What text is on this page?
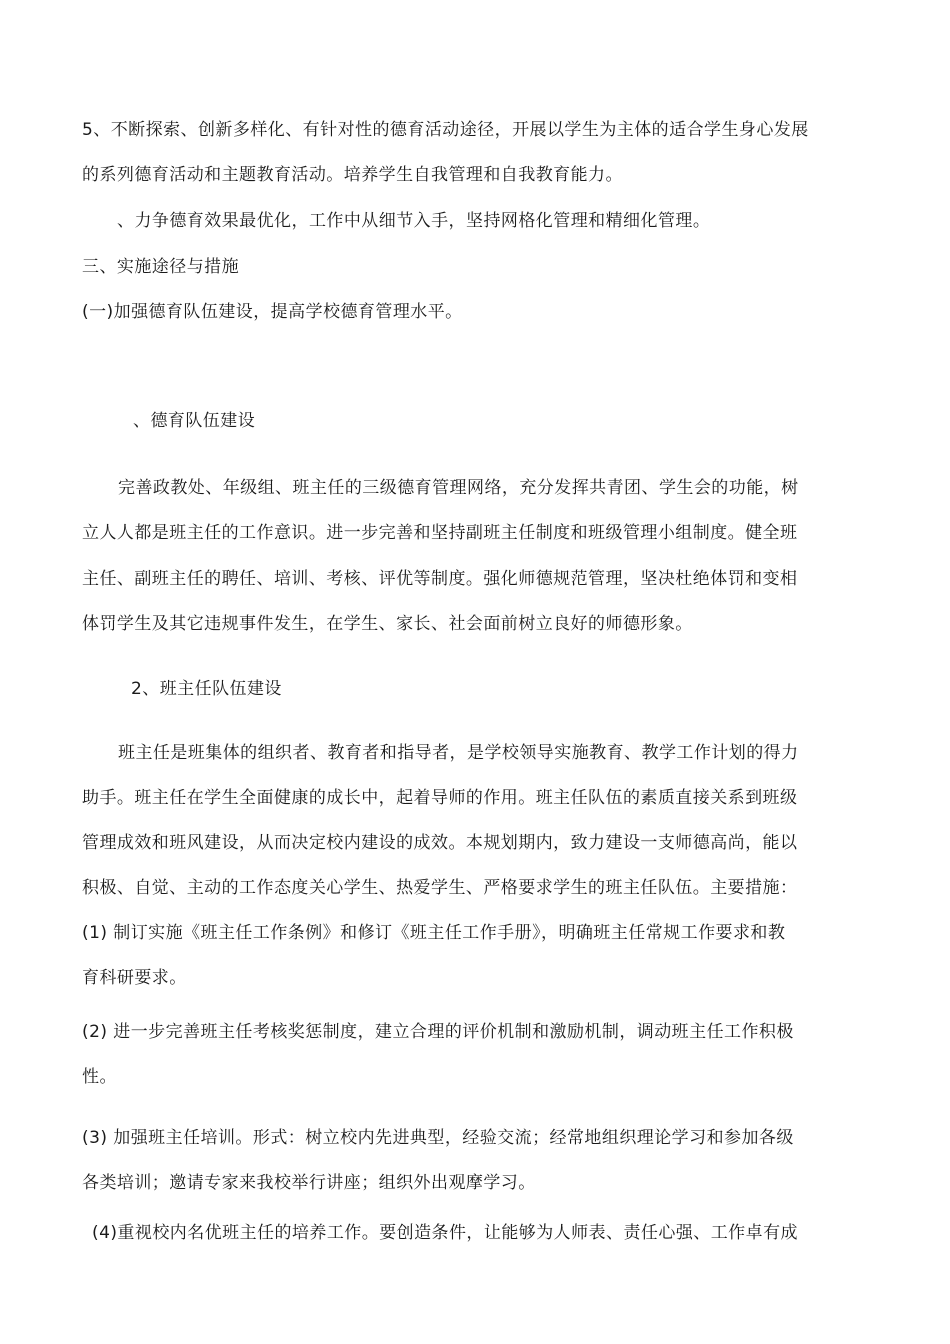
5、不断探索、创新多样化、有针对性的德育活动途径，开展以学生为主体的适合学生身心发展
的系列德育活动和主题教育活动。培养学生自我管理和自我教育能力。
、力争德育效果最优化，工作中从细节入手，坚持网格化管理和精细化管理。
三、实施途径与措施
(一)加强德育队伍建设，提高学校德育管理水平。
、德育队伍建设
完善政教处、年级组、班主任的三级德育管理网络，充分发挥共青团、学生会的功能，树
立人人都是班主任的工作意识。进一步完善和坚持副班主任制度和班级管理小组制度。健全班
主任、副班主任的聘任、培训、考核、评优等制度。强化师德规范管理，坚决杜绝体罚和变相
体罚学生及其它违规事件发生，在学生、家长、社会面前树立良好的师德形象。
2、班主任队伍建设
班主任是班集体的组织者、教育者和指导者，是学校领导实施教育、教学工作计划的得力
助手。班主任在学生全面健康的成长中，起着导师的作用。班主任队伍的素质直接关系到班级
管理成效和班风建设，从而决定校内建设的成效。本规划期内，致力建设一支师德高尚，能以
积极、自觉、主动的工作态度关心学生、热爱学生、严格要求学生的班主任队伍。主要措施：
(1) 制订实施《班主任工作条例》和修订《班主任工作手册》，明确班主任常规工作要求和教
育科研要求。
(2) 进一步完善班主任考核奖惩制度，建立合理的评价机制和激励机制，调动班主任工作积极
性。
(3) 加强班主任培训。形式：树立校内先进典型，经验交流；经常地组织理论学习和参加各级
各类培训；邀请专家来我校举行讲座；组织外出观摩学习。
(4)重视校内名优班主任的培养工作。要创造条件，让能够为人师表、责任心强、工作卓有成
